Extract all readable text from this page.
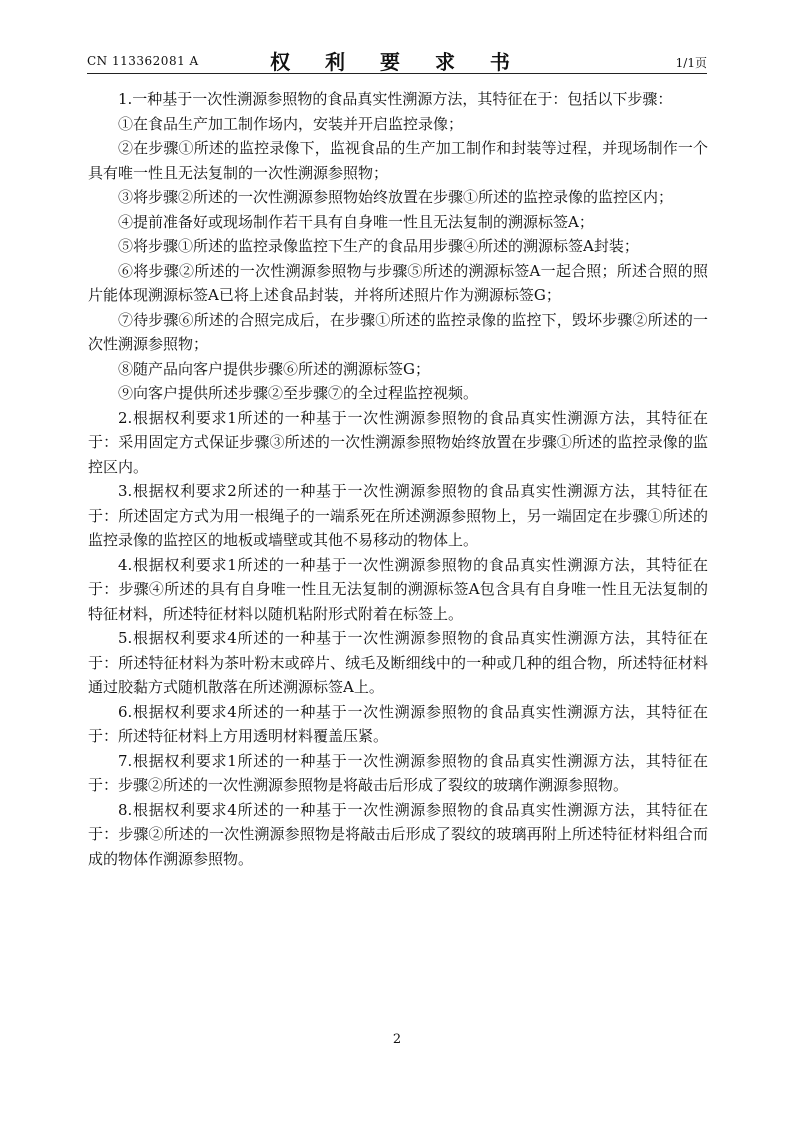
CN 113362081 A	权 利 要 求 书	1/1页

1.一种基于一次性溯源参照物的食品真实性溯源方法，其特征在于：包括以下步骤：

①在食品生产加工制作场内，安装并开启监控录像；

②在步骤①所述的监控录像下，监视食品的生产加工制作和封装等过程，并现场制作一个具有唯一性且无法复制的一次性溯源参照物；

③将步骤②所述的一次性溯源参照物始终放置在步骤①所述的监控录像的监控区内；

④提前准备好或现场制作若干具有自身唯一性且无法复制的溯源标签A；

⑤将步骤①所述的监控录像监控下生产的食品用步骤④所述的溯源标签A封装；

⑥将步骤②所述的一次性溯源参照物与步骤⑤所述的溯源标签A一起合照；所述合照的照片能体现溯源标签A已将上述食品封装，并将所述照片作为溯源标签G；

⑦待步骤⑥所述的合照完成后，在步骤①所述的监控录像的监控下，毁坏步骤②所述的一次性溯源参照物；

⑧随产品向客户提供步骤⑥所述的溯源标签G；

⑨向客户提供所述步骤②至步骤⑦的全过程监控视频。

2.根据权利要求1所述的一种基于一次性溯源参照物的食品真实性溯源方法，其特征在于：采用固定方式保证步骤③所述的一次性溯源参照物始终放置在步骤①所述的监控录像的监控区内。

3.根据权利要求2所述的一种基于一次性溯源参照物的食品真实性溯源方法，其特征在于：所述固定方式为用一根绳子的一端系死在所述溯源参照物上，另一端固定在步骤①所述的监控录像的监控区的地板或墙壁或其他不易移动的物体上。

4.根据权利要求1所述的一种基于一次性溯源参照物的食品真实性溯源方法，其特征在于：步骤④所述的具有自身唯一性且无法复制的溯源标签A包含具有自身唯一性且无法复制的特征材料，所述特征材料以随机粘附形式附着在标签上。

5.根据权利要求4所述的一种基于一次性溯源参照物的食品真实性溯源方法，其特征在于：所述特征材料为茶叶粉末或碎片、绒毛及断细线中的一种或几种的组合物，所述特征材料通过胶黏方式随机散落在所述溯源标签A上。

6.根据权利要求4所述的一种基于一次性溯源参照物的食品真实性溯源方法，其特征在于：所述特征材料上方用透明材料覆盖压紧。

7.根据权利要求1所述的一种基于一次性溯源参照物的食品真实性溯源方法，其特征在于：步骤②所述的一次性溯源参照物是将敲击后形成了裂纹的玻璃作溯源参照物。

8.根据权利要求4所述的一种基于一次性溯源参照物的食品真实性溯源方法，其特征在于：步骤②所述的一次性溯源参照物是将敲击后形成了裂纹的玻璃再附上所述特征材料组合而成的物体作溯源参照物。

2
